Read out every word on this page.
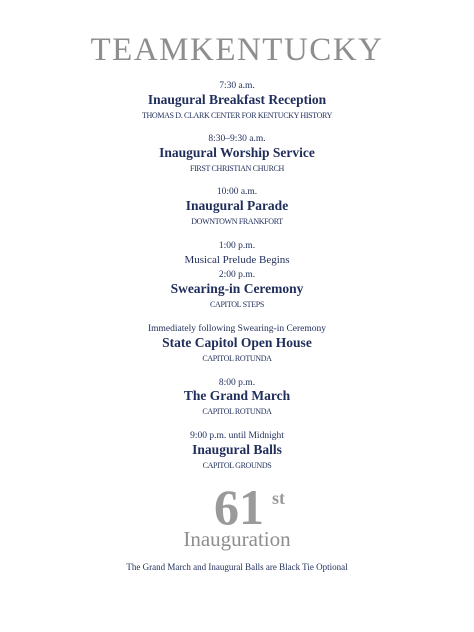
TEAMKENTUCKY
7:30 a.m.
Inaugural Breakfast Reception
THOMAS D. CLARK CENTER FOR KENTUCKY HISTORY
8:30–9:30 a.m.
Inaugural Worship Service
FIRST CHRISTIAN CHURCH
10:00 a.m.
Inaugural Parade
DOWNTOWN FRANKFORT
1:00 p.m.
Musical Prelude Begins
2:00 p.m.
Swearing-in Ceremony
CAPITOL STEPS
Immediately following Swearing-in Ceremony
State Capitol Open House
CAPITOL ROTUNDA
8:00 p.m.
The Grand March
CAPITOL ROTUNDA
9:00 p.m. until Midnight
Inaugural Balls
CAPITOL GROUNDS
61 st
Inauguration
The Grand March and Inaugural Balls are Black Tie Optional
